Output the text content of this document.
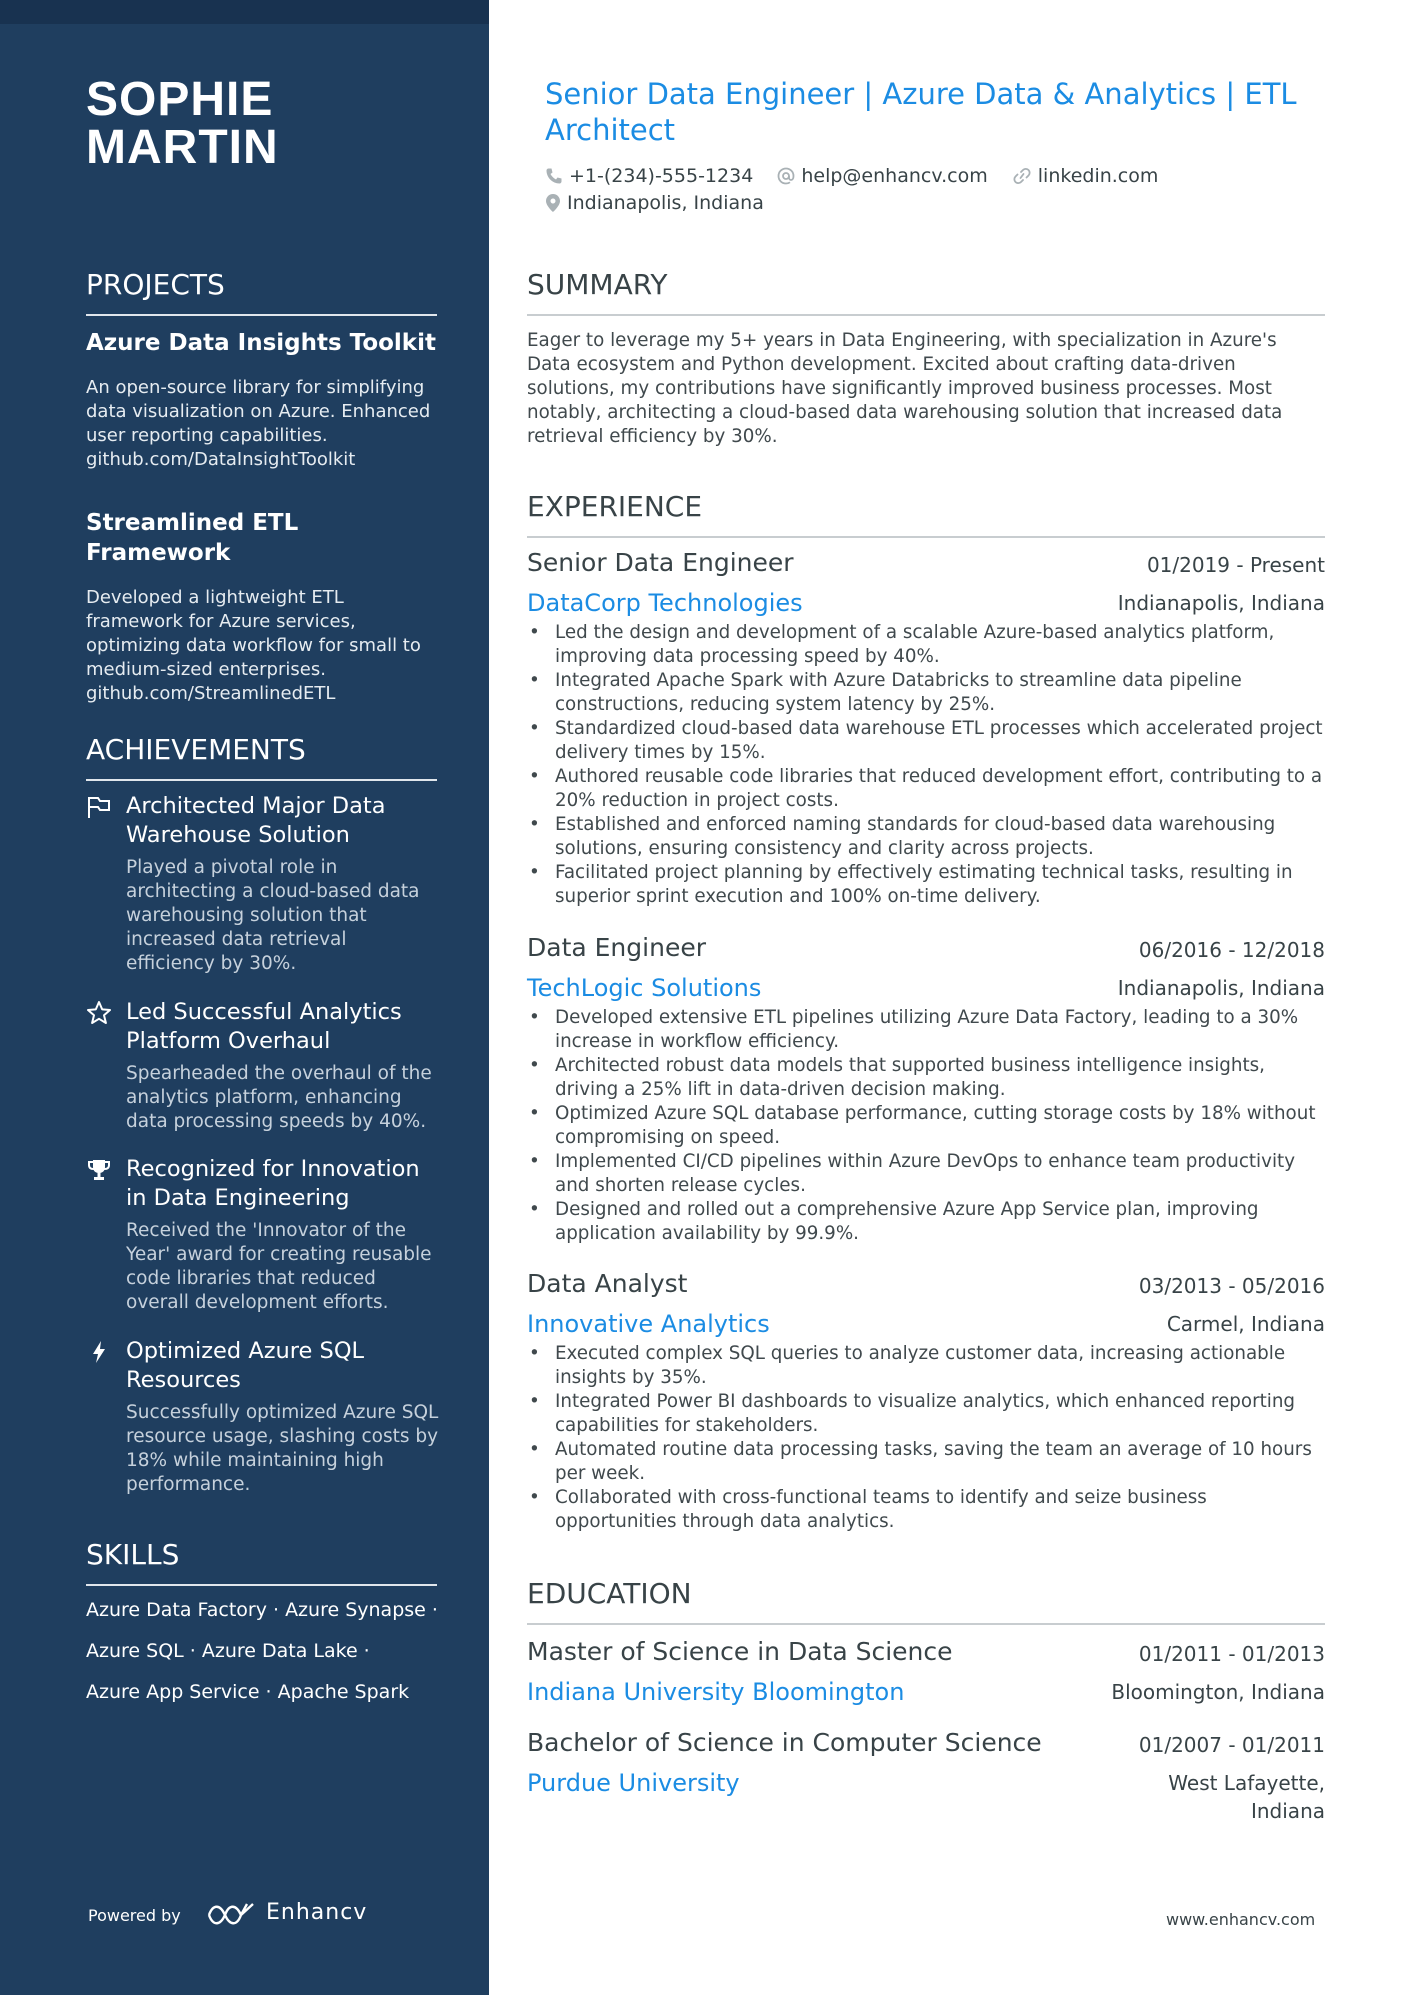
SOPHIE
MARTIN
PROJECTS
Azure Data Insights Toolkit
An open-source library for simplifying data visualization on Azure. Enhanced user reporting capabilities.
github.com/DataInsightToolkit
Streamlined ETL Framework
Developed a lightweight ETL framework for Azure services, optimizing data workflow for small to medium-sized enterprises.
github.com/StreamlinedETL
ACHIEVEMENTS
Architected Major Data Warehouse Solution
Played a pivotal role in architecting a cloud-based data warehousing solution that increased data retrieval efficiency by 30%.
Led Successful Analytics Platform Overhaul
Spearheaded the overhaul of the analytics platform, enhancing data processing speeds by 40%.
Recognized for Innovation in Data Engineering
Received the 'Innovator of the Year' award for creating reusable code libraries that reduced overall development efforts.
Optimized Azure SQL Resources
Successfully optimized Azure SQL resource usage, slashing costs by 18% while maintaining high performance.
SKILLS
Azure Data Factory · Azure Synapse ·
Azure SQL · Azure Data Lake ·
Azure App Service · Apache Spark
Powered by	Enhancv
Senior Data Engineer | Azure Data & Analytics | ETL Architect
+1-(234)-555-1234
	help@enhancv.com
	linkedin.com
Indianapolis, Indiana
SUMMARY
Eager to leverage my 5+ years in Data Engineering, with specialization in Azure's Data ecosystem and Python development. Excited about crafting data-driven solutions, my contributions have significantly improved business processes. Most notably, architecting a cloud-based data warehousing solution that increased data retrieval efficiency by 30%.
EXPERIENCE
Senior Data Engineer	01/2019 - Present
DataCorp Technologies	Indianapolis, Indiana
• Led the design and development of a scalable Azure-based analytics platform, improving data processing speed by 40%.
• Integrated Apache Spark with Azure Databricks to streamline data pipeline constructions, reducing system latency by 25%.
• Standardized cloud-based data warehouse ETL processes which accelerated project delivery times by 15%.
• Authored reusable code libraries that reduced development effort, contributing to a 20% reduction in project costs.
• Established and enforced naming standards for cloud-based data warehousing solutions, ensuring consistency and clarity across projects.
• Facilitated project planning by effectively estimating technical tasks, resulting in superior sprint execution and 100% on-time delivery.
Data Engineer	06/2016 - 12/2018
TechLogic Solutions	Indianapolis, Indiana
• Developed extensive ETL pipelines utilizing Azure Data Factory, leading to a 30% increase in workflow efficiency.
• Architected robust data models that supported business intelligence insights, driving a 25% lift in data-driven decision making.
• Optimized Azure SQL database performance, cutting storage costs by 18% without compromising on speed.
• Implemented CI/CD pipelines within Azure DevOps to enhance team productivity and shorten release cycles.
• Designed and rolled out a comprehensive Azure App Service plan, improving application availability by 99.9%.
Data Analyst	03/2013 - 05/2016
Innovative Analytics	Carmel, Indiana
• Executed complex SQL queries to analyze customer data, increasing actionable insights by 35%.
• Integrated Power BI dashboards to visualize analytics, which enhanced reporting capabilities for stakeholders.
• Automated routine data processing tasks, saving the team an average of 10 hours per week.
• Collaborated with cross-functional teams to identify and seize business opportunities through data analytics.
EDUCATION
Master of Science in Data Science	01/2011 - 01/2013
Indiana University Bloomington	Bloomington, Indiana
Bachelor of Science in Computer Science	01/2007 - 01/2011
Purdue University	West Lafayette,
Indiana
www.enhancv.com
